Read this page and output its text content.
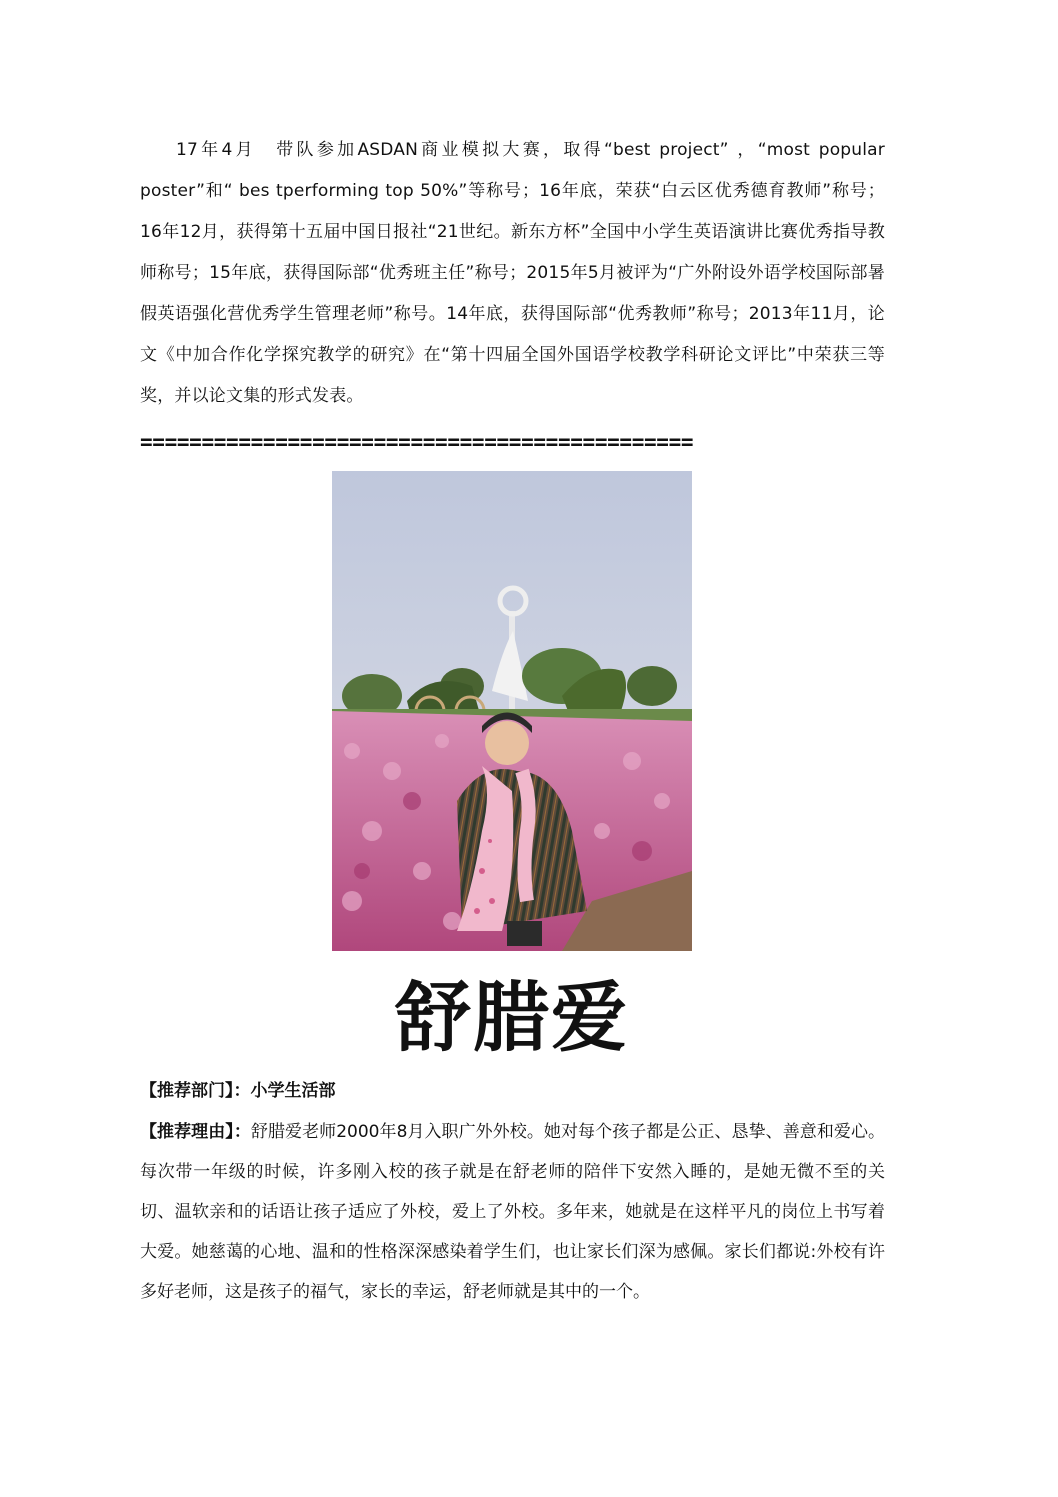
17年4月　带队参加ASDAN商业模拟大赛，取得“best project” ，“most popular poster”和“ bes tperforming top 50%”等称号；16年底，荣获“白云区优秀德育教师”称号；16年12月，获得第十五届中国日报社“21世纪。新东方杯”全国中小学生英语演讲比赛优秀指导教师称号；15年底，获得国际部“优秀班主任”称号；2015年5月被评为“广外附设外语学校国际部暑假英语强化营优秀学生管理老师”称号。14年底，获得国际部“优秀教师”称号；2013年11月，论文《中加合作化学探究教学的研究》在“第十四届全国外国语学校教学科研论文评比”中荣获三等奖，并以论文集的形式发表。

=============================================
舒腊爱
【推荐部门】：小学生活部
【推荐理由】：舒腊爱老师2000年8月入职广外外校。她对每个孩子都是公正、恳挚、善意和爱心。每次带一年级的时候，许多刚入校的孩子就是在舒老师的陪伴下安然入睡的，是她无微不至的关切、温软亲和的话语让孩子适应了外校，爱上了外校。多年来，她就是在这样平凡的岗位上书写着大爱。她慈蔼的心地、温和的性格深深感染着学生们，也让家长们深为感佩。家长们都说:外校有许多好老师，这是孩子的福气，家长的幸运，舒老师就是其中的一个。
